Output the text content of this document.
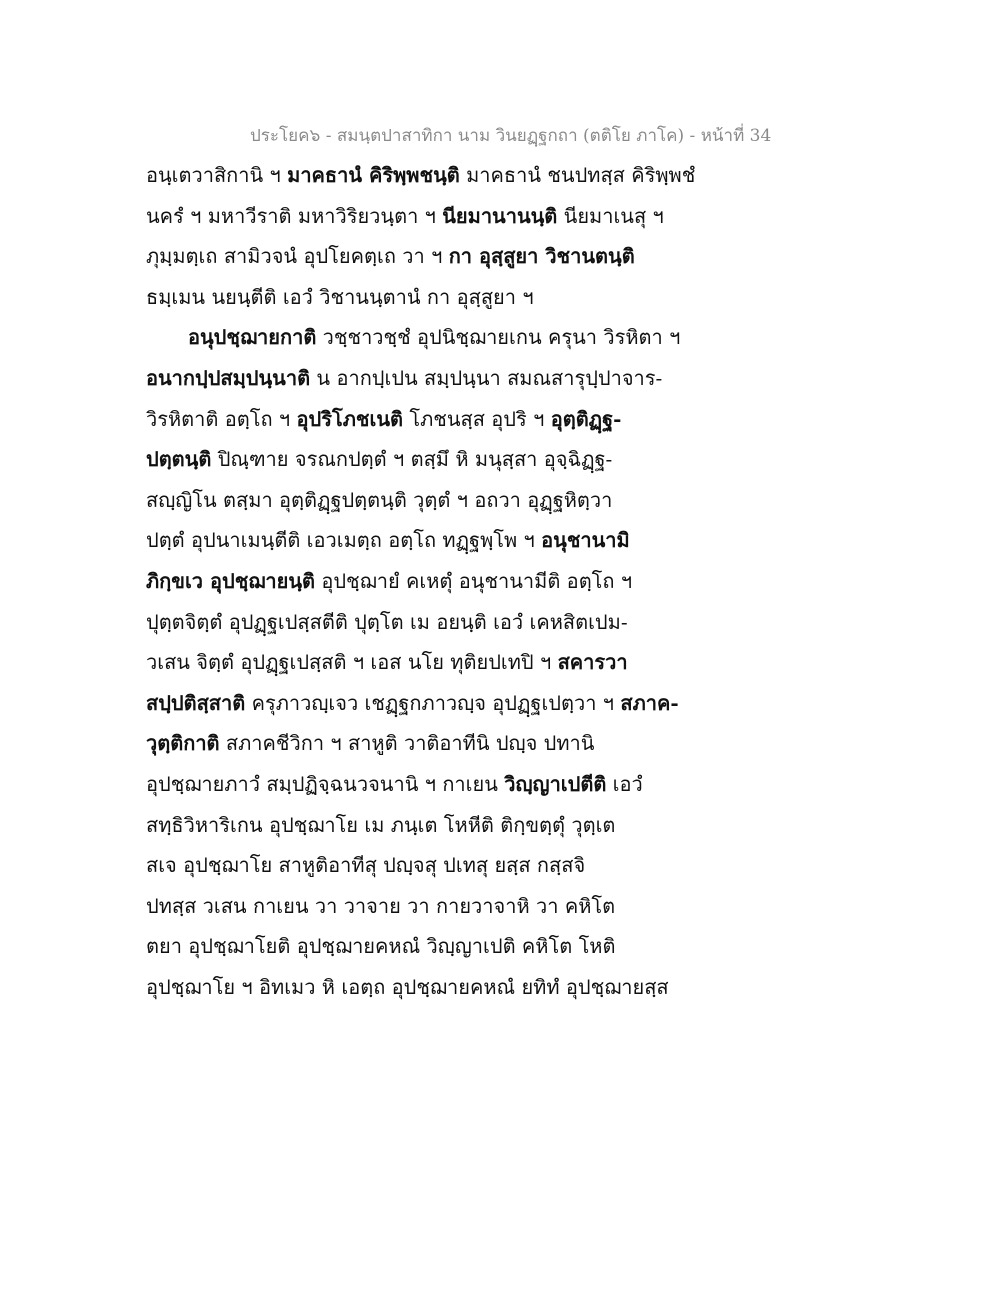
ประโยค๖ - สมนฺตปาสาทิกา นาม วินยฏฺฐกถา (ตติโย ภาโค) - หน้าที่ 34
อนฺเตวาสิกานิ ฯ มาคธานํ คิริพฺพชนฺติ มาคธานํ ชนปทสฺส คิริพฺพชํ
นครํ ฯ มหาวีราติ มหาวิริยวนฺตา ฯ นียมานานนฺติ นียมาเนสุ ฯ
ภุมฺมตฺเถ สามิวจนํ อุปโยคตฺเถ วา ฯ กา อุสฺสูยา วิชานตนฺติ
ธมฺเมน นยนฺตีติ เอวํ วิชานนฺตานํ กา อุสฺสูยา ฯ
อนุปชฺฌายกาติ วชฺชาวชฺชํ อุปนิชฺฌายเกน ครุนา วิรหิตา ฯ
อนากปฺปสมฺปนฺนาติ น อากปฺเปน สมฺปนฺนา สมณสารุปฺปาจาร-
วิรหิตาติ อตฺโถ ฯ อุปริโภชเนติ โภชนสฺส อุปริ ฯ อุตฺติฏฺฐ-
ปตฺตนฺติ ปิณฺฑาย จรณกปตฺตํ ฯ ตสฺมึ หิ มนุสฺสา อุจฺฉิฏฺฐ-
สญฺญิโน ตสฺมา อุตฺติฏฺฐปตฺตนฺติ วุตฺตํ ฯ อถวา อุฏฺฐหิตฺวา
ปตฺตํ อุปนาเมนฺตีติ เอวเมตฺถ อตฺโถ ทฏฺฐพฺโพ ฯ อนุชานามิ
ภิกฺขเว อุปชฺฌายนฺติ อุปชฺฌายํ คเหตุํ อนุชานามีติ อตฺโถ ฯ
ปุตฺตจิตฺตํ อุปฏฺฐเปสฺสตีติ ปุตฺโต เม อยนฺติ เอวํ เคหสิตเปม-
วเสน จิตฺตํ อุปฏฺฐเปสฺสติ ฯ เอส นโย ทุติยปเทปิ ฯ สคารวา
สปฺปติสฺสาติ ครุภาวญฺเจว เชฏฺฐกภาวญฺจ อุปฏฺฐเปตฺวา ฯ สภาค-
วุตฺติกาติ สภาคชีวิกา ฯ สาหูติ วาติอาทีนิ ปญฺจ ปทานิ
อุปชฺฌายภาวํ สมฺปฏิจฺฉนวจนานิ ฯ กาเยน วิญฺญาเปตีติ เอวํ
สทฺธิวิหาริเกน อุปชฺฌาโย เม ภนฺเต โหหีติ ติกฺขตฺตุํ วุตฺเต
สเจ อุปชฺฌาโย สาหูติอาทีสุ ปญฺจสุ ปเทสุ ยสฺส กสฺสจิ
ปทสฺส วเสน กาเยน วา วาจาย วา กายวาจาหิ วา คหิโต
ตยา อุปชฺฌาโยติ อุปชฺฌายคหณํ วิญฺญาเปติ คหิโต โหติ
อุปชฺฌาโย ฯ อิทเมว หิ เอตฺถ อุปชฺฌายคหณํ ยทิทํ อุปชฺฌายสฺส
